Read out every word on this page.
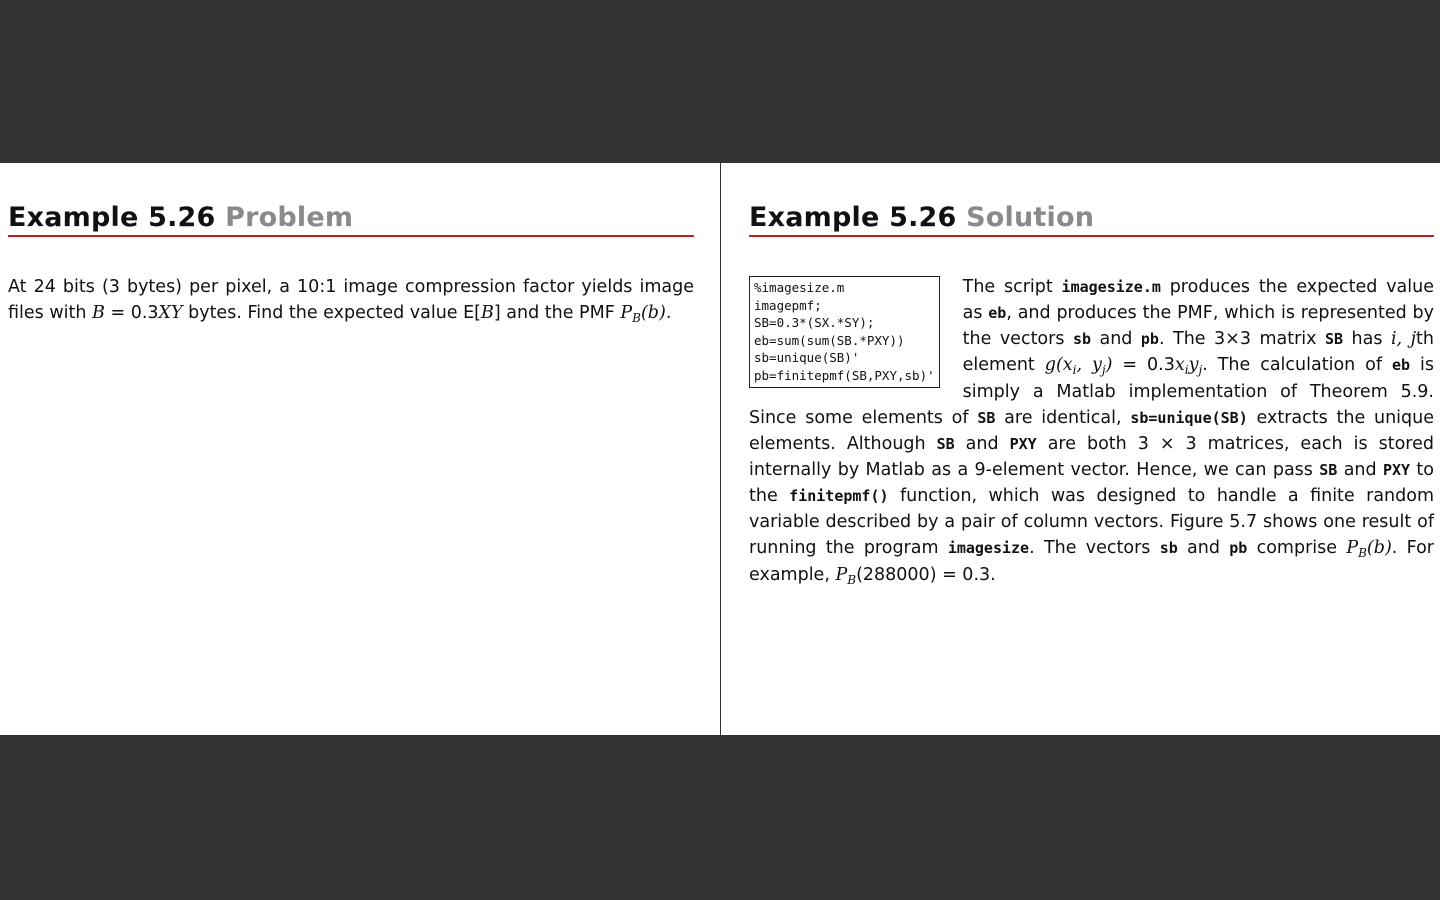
Example 5.26 Problem
At 24 bits (3 bytes) per pixel, a 10:1 image compression factor yields image files with B = 0.3XY bytes. Find the expected value E[B] and the PMF $P_B(b)$.
Example 5.26 Solution
%imagesize.m
imagepmf;
SB=0.3*(SX.*SY);
eb=sum(sum(SB.*PXY))
sb=unique(SB)'
pb=finitepmf(SB,PXY,sb)'
The script imagesize.m produces the expected value as eb, and produces the PMF, which is represented by the vectors sb and pb. The 3×3 matrix SB has i, jth element $g(x_i$, $y_j) = 0.3x_iy_j$. The calculation of eb is simply a Matlab implementation of Theorem 5.9. Since some elements of SB are identical, sb=unique(SB) extracts the unique elements. Although SB and PXY are both 3 × 3 matrices, each is stored internally by Matlab as a 9-element vector. Hence, we can pass SB and PXY to the finitepmf() function, which was designed to handle a finite random variable described by a pair of column vectors. Figure 5.7 shows one result of running the program imagesize. The vectors sb and pb comprise $P_B(b)$. For example, $P_B(288000) = 0.3$.
